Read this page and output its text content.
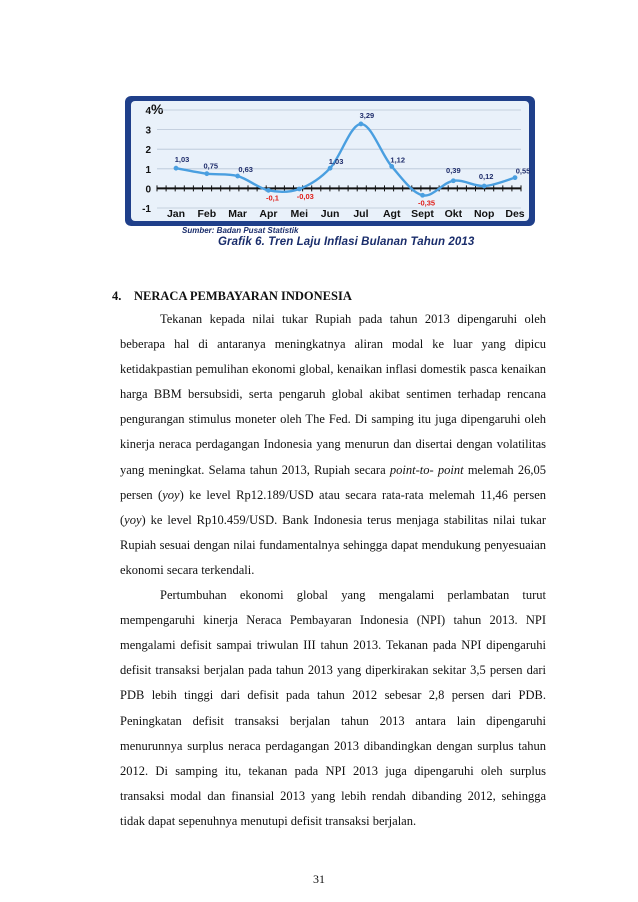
%
-1
0
1
2
3
4
Jan Feb Mar Apr Mei Jun Jul Agt Sept Okt Nop Des
1,03
0,75	0,63
-0,1 -0,03
1,03
3,29
1,12
-0,35
0,39
0,12
0,55
Sumber: Badan Pusat Statistik
Grafik 6. Tren Laju Inflasi Bulanan Tahun 2013
4. NERACA PEMBAYARAN INDONESIA

Tekanan kepada nilai tukar Rupiah pada tahun 2013 dipengaruhi oleh beberapa hal di antaranya meningkatnya aliran modal ke luar yang dipicu ketidakpastian pemulihan ekonomi global, kenaikan inflasi domestik pasca kenaikan harga BBM bersubsidi, serta pengaruh global akibat sentimen terhadap rencana pengurangan stimulus moneter oleh The Fed. Di samping itu juga dipengaruhi oleh kinerja neraca perdagangan Indonesia yang menurun dan disertai dengan volatilitas yang meningkat. Selama tahun 2013, Rupiah secara point-to- point melemah 26,05 persen (yoy) ke level Rp12.189/USD atau secara rata-rata melemah 11,46 persen (yoy) ke level Rp10.459/USD. Bank Indonesia terus menjaga stabilitas nilai tukar Rupiah sesuai dengan nilai fundamentalnya sehingga dapat mendukung penyesuaian ekonomi secara terkendali.

Pertumbuhan ekonomi global yang mengalami perlambatan turut mempengaruhi kinerja Neraca Pembayaran Indonesia (NPI) tahun 2013. NPI mengalami defisit sampai triwulan III tahun 2013. Tekanan pada NPI dipengaruhi defisit transaksi berjalan pada tahun 2013 yang diperkirakan sekitar 3,5 persen dari PDB lebih tinggi dari defisit pada tahun 2012 sebesar 2,8 persen dari PDB. Peningkatan defisit transaksi berjalan tahun 2013 antara lain dipengaruhi menurunnya surplus neraca perdagangan 2013 dibandingkan dengan surplus tahun 2012. Di samping itu, tekanan pada NPI 2013 juga dipengaruhi oleh surplus transaksi modal dan finansial 2013 yang lebih rendah dibanding 2012, sehingga tidak dapat sepenuhnya menutupi defisit transaksi berjalan.

31
